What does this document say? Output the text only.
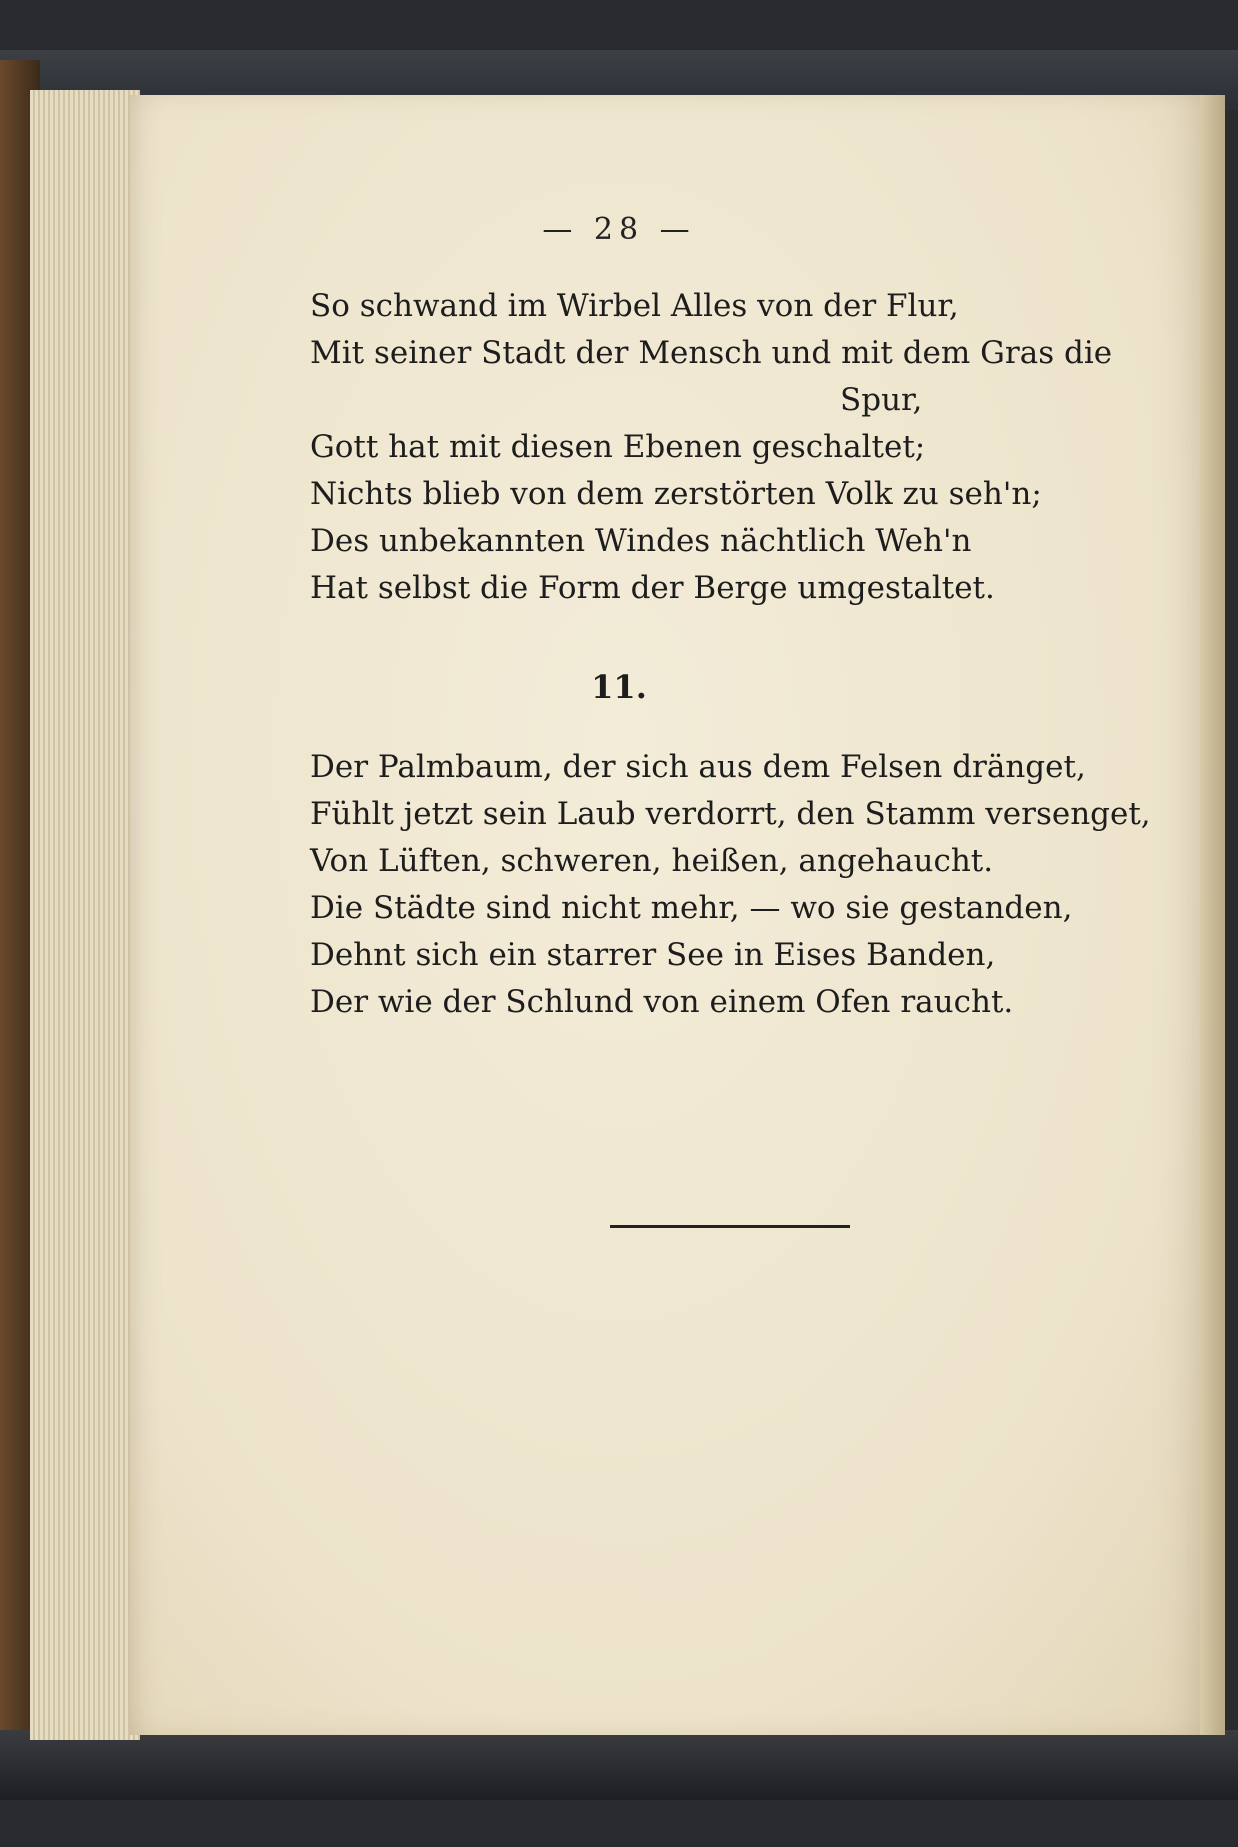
— 28 —
So schwand im Wirbel Alles von der Flur,
Mit seiner Stadt der Mensch und mit dem Gras die
Spur,
Gott hat mit diesen Ebenen geschaltet;
Nichts blieb von dem zerstörten Volk zu seh'n;
Des unbekannten Windes nächtlich Weh'n
Hat selbst die Form der Berge umgestaltet.
11.
Der Palmbaum, der sich aus dem Felsen dränget,
Fühlt jetzt sein Laub verdorrt, den Stamm versenget,
Von Lüften, schweren, heißen, angehaucht.
Die Städte sind nicht mehr, — wo sie gestanden,
Dehnt sich ein starrer See in Eises Banden,
Der wie der Schlund von einem Ofen raucht.
